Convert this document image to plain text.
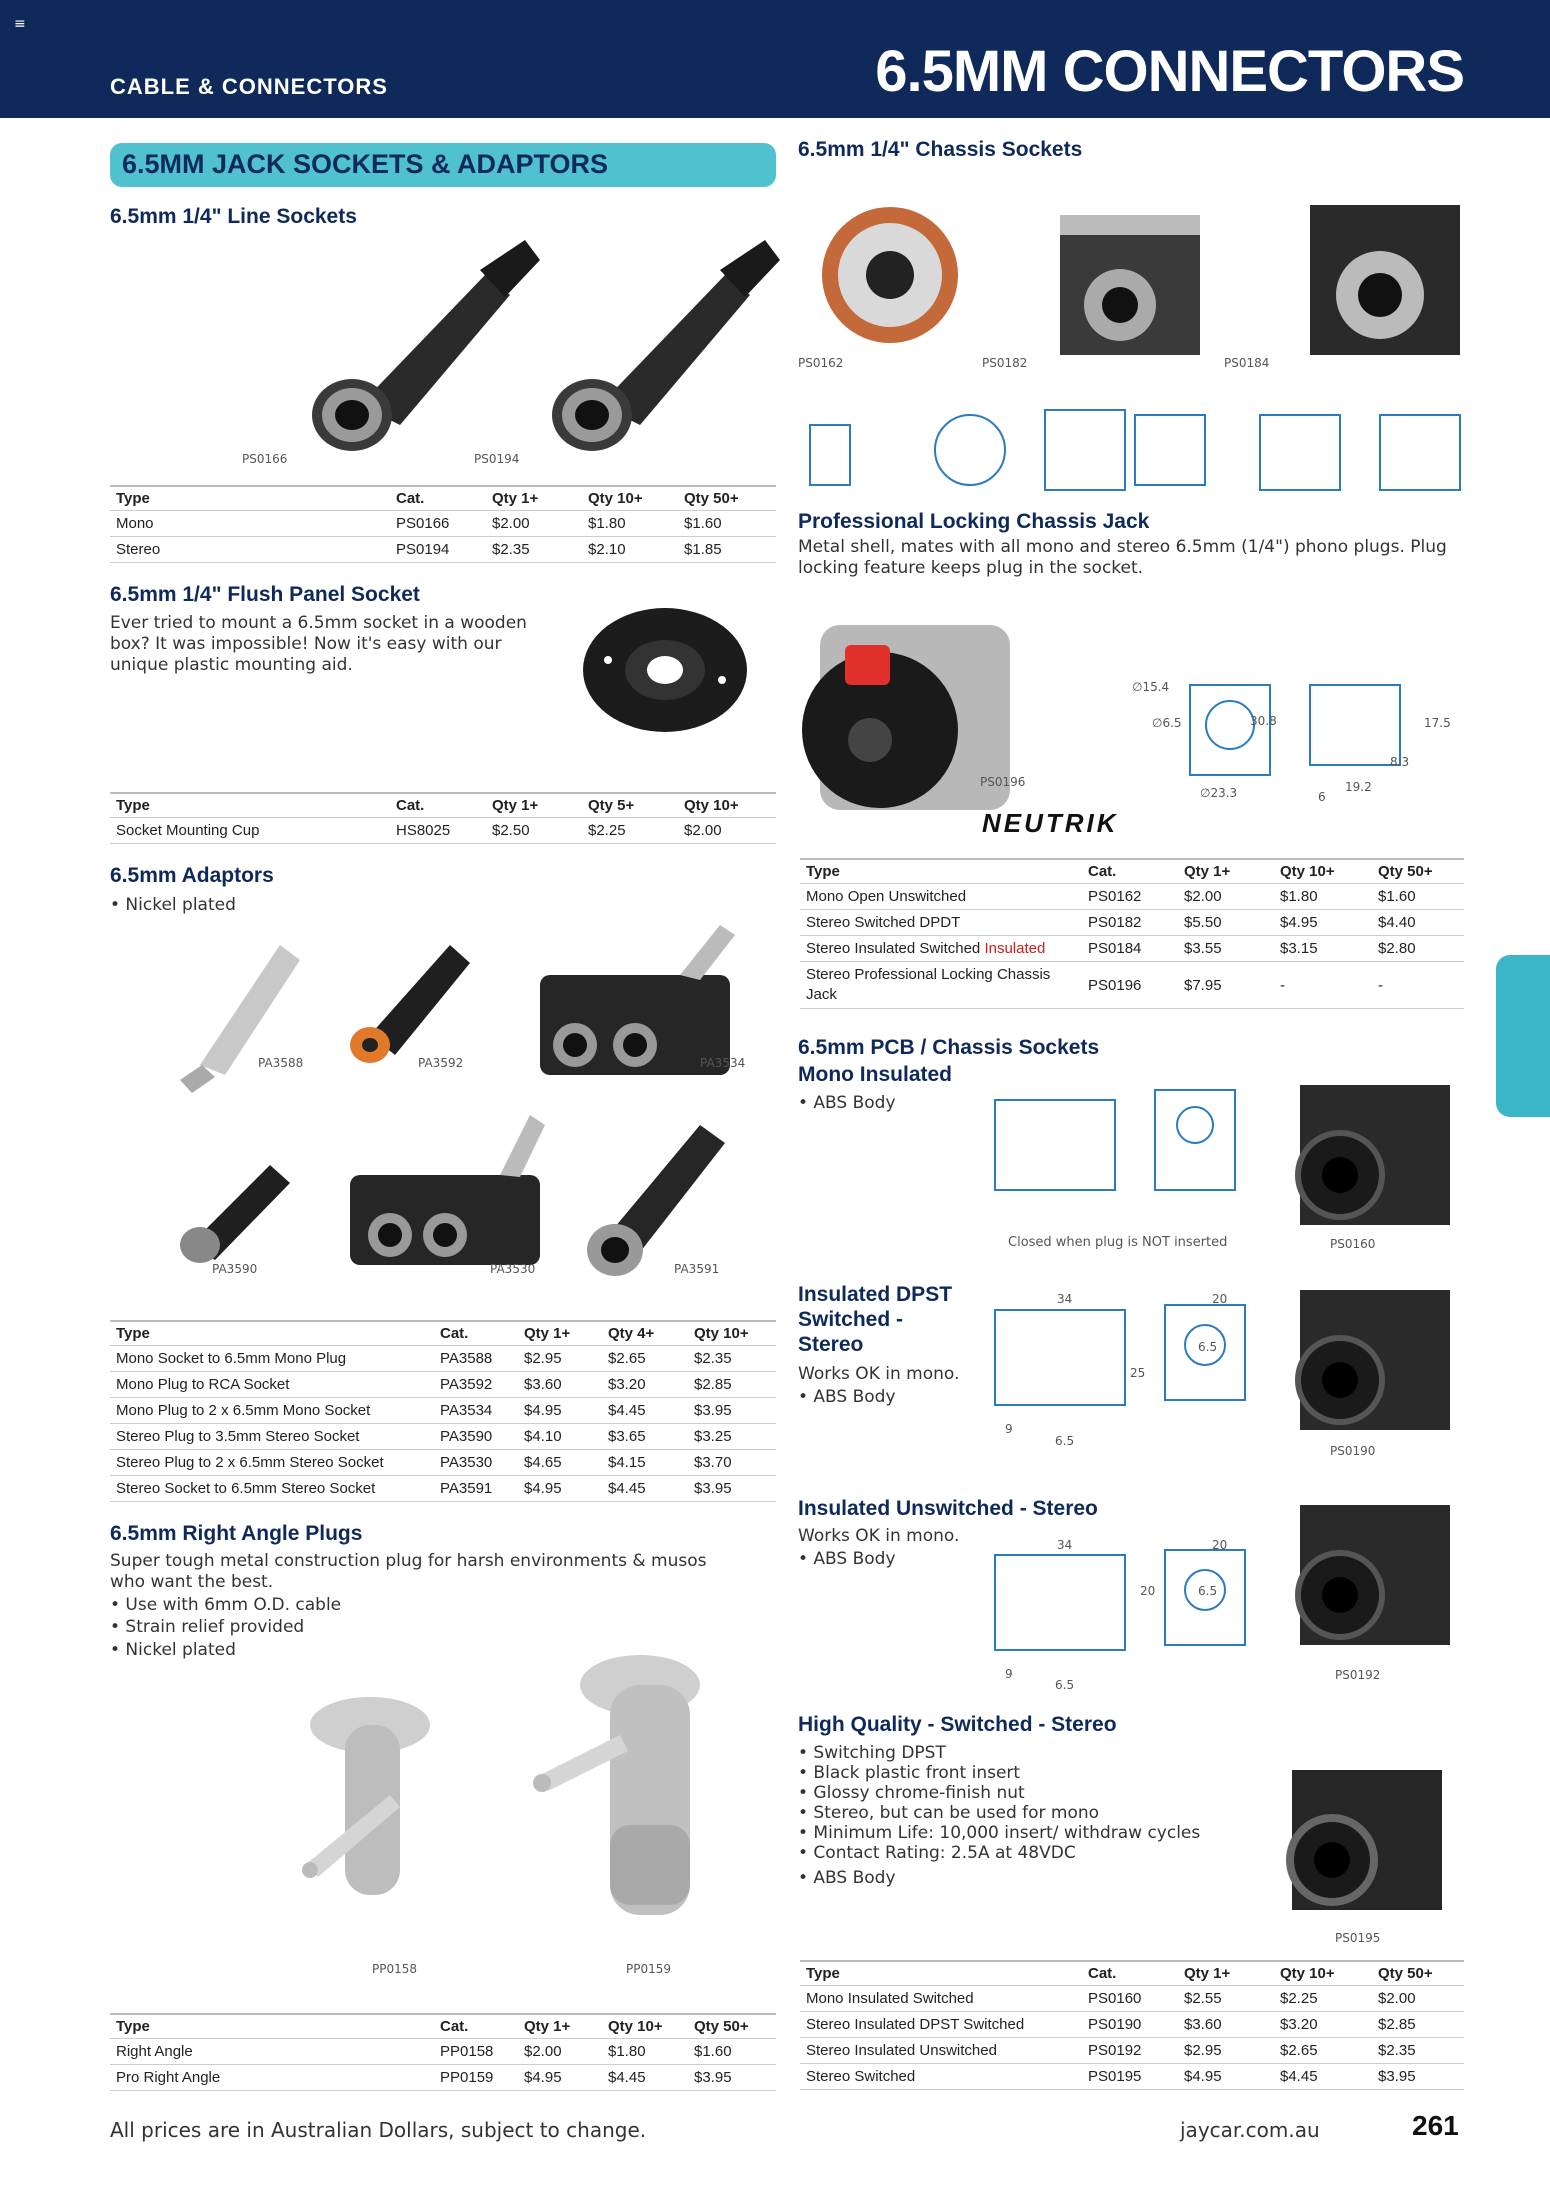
≡
CABLE & CONNECTORS	6.5MM CONNECTORS
6.5MM JACK SOCKETS & ADAPTORS
6.5mm 1/4" Line Sockets
PS0166	PS0194
Type	Cat.	Qty 1+	Qty 10+	Qty 50+
Mono	PS0166	$2.00	$1.80	$1.60
Stereo	PS0194	$2.35	$2.10	$1.85
6.5mm 1/4" Flush Panel Socket
Ever tried to mount a 6.5mm socket in a wooden box? It was impossible! Now it's easy with our unique plastic mounting aid.
Type	Cat.	Qty 1+	Qty 5+	Qty 10+
Socket Mounting Cup	HS8025	$2.50	$2.25	$2.00
6.5mm Adaptors
• Nickel plated
PA3588	PA3592	PA3534
PA3590	PA3530	PA3591
Type	Cat.	Qty 1+	Qty 4+	Qty 10+
Mono Socket to 6.5mm Mono Plug	PA3588	$2.95	$2.65	$2.35
Mono Plug to RCA Socket	PA3592	$3.60	$3.20	$2.85
Mono Plug to 2 x 6.5mm Mono Socket	PA3534	$4.95	$4.45	$3.95
Stereo Plug to 3.5mm Stereo Socket	PA3590	$4.10	$3.65	$3.25
Stereo Plug to 2 x 6.5mm Stereo Socket	PA3530	$4.65	$4.15	$3.70
Stereo Socket to 6.5mm Stereo Socket	PA3591	$4.95	$4.45	$3.95
6.5mm Right Angle Plugs
Super tough metal construction plug for harsh environments & musos who want the best.
• Use with 6mm O.D. cable
• Strain relief provided
• Nickel plated
PP0158	PP0159
Type	Cat.	Qty 1+	Qty 10+	Qty 50+
Right Angle	PP0158	$2.00	$1.80	$1.60
Pro Right Angle	PP0159	$4.95	$4.45	$3.95
6.5mm 1/4" Chassis Sockets
PS0162	PS0182	PS0184
Professional Locking Chassis Jack
Metal shell, mates with all mono and stereo 6.5mm (1/4") phono plugs. Plug locking feature keeps plug in the socket.
PS0196
NEUTRIK
∅15.4
∅6.5	30.8
∅23.3	6
19.2
8.3
17.5
Type	Cat.	Qty 1+	Qty 10+	Qty 50+
Mono Open Unswitched	PS0162	$2.00	$1.80	$1.60
Stereo Switched DPDT	PS0182	$5.50	$4.95	$4.40
Stereo Insulated Switched Insulated	PS0184	$3.55	$3.15	$2.80
Stereo Professional Locking Chassis Jack	PS0196	$7.95	-	-
6.5mm PCB / Chassis Sockets
Mono Insulated
• ABS Body
Closed when plug is NOT inserted	PS0160
Insulated DPST
Switched -
Stereo
Works OK in mono.
• ABS Body
34	20
6.5
25
9
6.5
PS0190
Insulated Unswitched - Stereo
Works OK in mono.
• ABS Body
34	20
6.5
20
9
6.5
PS0192
High Quality - Switched - Stereo
• Switching DPST
• Black plastic front insert
• Glossy chrome-finish nut
• Stereo, but can be used for mono
• Minimum Life: 10,000 insert/ withdraw cycles
• Contact Rating: 2.5A at 48VDC
• ABS Body
PS0195
Type	Cat.	Qty 1+	Qty 10+	Qty 50+
Mono Insulated Switched	PS0160	$2.55	$2.25	$2.00
Stereo Insulated DPST Switched	PS0190	$3.60	$3.20	$2.85
Stereo Insulated Unswitched	PS0192	$2.95	$2.65	$2.35
Stereo Switched	PS0195	$4.95	$4.45	$3.95
All prices are in Australian Dollars, subject to change.	jaycar.com.au	261
